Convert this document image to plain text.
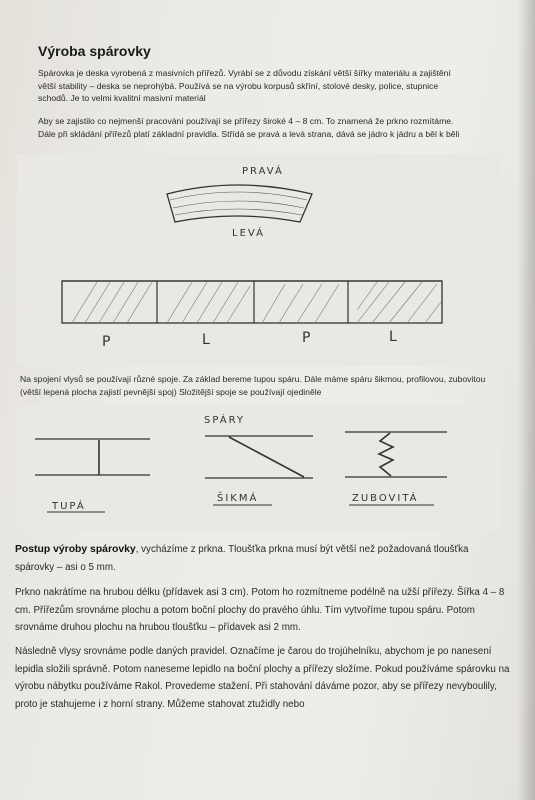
Výroba spárovky
Spárovka je deska vyrobená z masivních přířezů. Vyrábí se z důvodu získání větší šířky materiálu a zajištění větší stability – deska se neprohýbá. Používá se na výrobu korpusů skříní, stolové desky, police, stupnice schodů. Je to velmi kvalitní masivní materiál
Aby se zajistilo co nejmenší pracování používají se přířezy široké 4 – 8 cm. To znamená že prkno rozmítáme. Dále při skládání přířezů platí základní pravidla. Střídá se pravá a levá strana, dává se jádro k jádru a běl k běli
PRAVÁ
LEVÁ
P	L	P	L
Na spojení vlysů se používají různé spoje. Za základ bereme tupou spáru. Dále máme spáru šikmou, profilovou, zubovitou (větší lepená plocha zajistí pevnější spoj) Složitější spoje se používají ojediněle
SPÁRY
TUPÁ
ŠIKMÁ	ZUBOVITÁ
Postup výroby spárovky, vycházíme z prkna. Tloušťka prkna musí být větší než požadovaná tloušťka spárovky – asi o 5 mm.
Prkno nakrátíme na hrubou délku (přídavek asi 3 cm). Potom ho rozmítneme podélně na užší přířezy. Šířka 4 – 8 cm. Přířezům srovnáme plochu a potom boční plochy do pravého úhlu. Tím vytvoříme tupou spáru. Potom srovnáme druhou plochu na hrubou tloušťku – přídavek asi 2 mm.
Následně vlysy srovnáme podle daných pravidel. Označíme je čarou do trojúhelníku, abychom je po nanesení lepidla složili správně. Potom naneseme lepidlo na boční plochy a přířezy složíme. Pokud používáme spárovku na výrobu nábytku používáme Rakol. Provedeme stažení. Při stahování dáváme pozor, aby se přířezy nevyboulily, proto je stahujeme i z horní strany. Můžeme stahovat ztužidly nebo
